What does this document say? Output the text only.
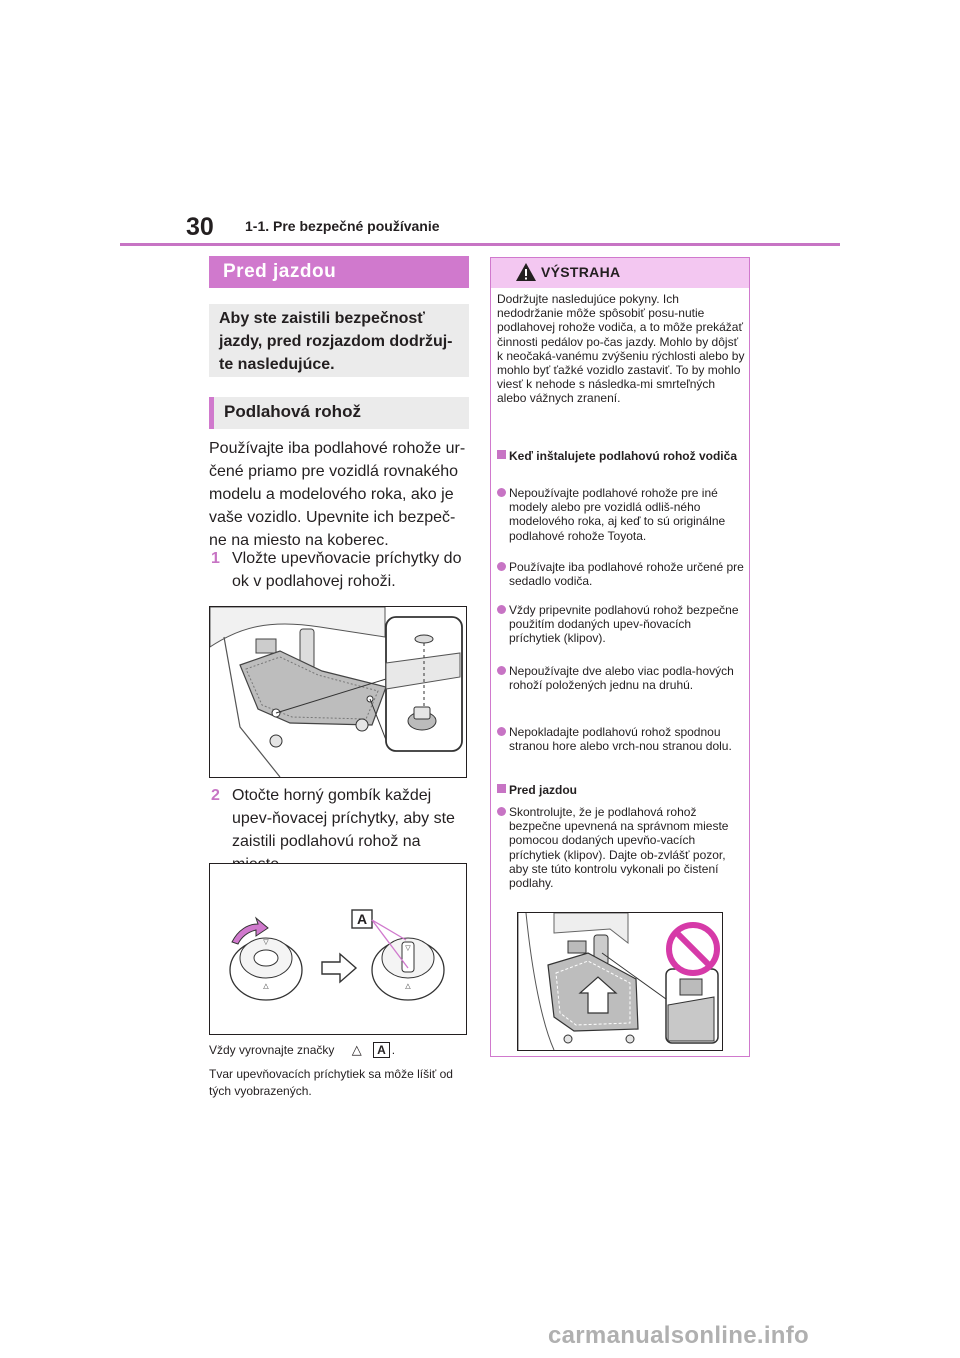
30 1-1. Pre bezpečné používanie
Pred jazdou
Aby ste zaistili bezpečnosť jazdy, pred rozjazdom dodržuj-te nasledujúce.
Podlahová rohož
Používajte iba podlahové rohože ur-čené priamo pre vozidlá rovnakého modelu a modelového roka, ako je vaše vozidlo. Upevnite ich bezpeč-ne na miesto na koberec.
1 Vložte upevňovacie príchytky do ok v podlahovej rohoži.
2 Otočte horný gombík každej upev-ňovacej príchytky, aby ste zaistili podlahovú rohož na
▽
△
▽
△
A
Vždy vyrovnajte značky △ A .
Tvar upevňovacích príchytiek sa môže líšiť od tých vyobrazených.
VÝSTRAHA
Dodržujte nasledujúce pokyny. Ich nedodržanie môže spôsobiť posu-nutie podlahovej rohože vodiča, a to môže prekážať činnosti pedálov po-čas jazdy. Mohlo by dôjsť k neočaká-vanému zvýšeniu rýchlosti alebo by mohlo byť ťažké vozidlo zastaviť. To by mohlo viesť k nehode s následka-mi smrteľných alebo vážnych zranení.
Keď inštalujete podlahovú rohož vodiča
Nepoužívajte podlahové rohože pre iné modely alebo pre vozidlá odliš-ného modelového roka, aj keď to sú originálne podlahové rohože Toyota.
Používajte iba podlahové rohože určené pre sedadlo vodiča.
Vždy pripevnite podlahovú rohož bezpečne použitím dodaných upev-ňovacích príchytiek (klipov).
Nepoužívajte dve alebo viac podla-hových rohoží položených jednu na druhú.
Nepokladajte podlahovú rohož spodnou stranou hore alebo vrch-nou stranou dolu.
Pred jazdou
Skontrolujte, že je podlahová rohož bezpečne upevnená na správnom mieste pomocou dodaných upevňo-vacích príchytiek (klipov). Dajte ob-zvlášť pozor, aby ste túto kontrolu vykonali po čistení podlahy.
carmanualsonline.info
